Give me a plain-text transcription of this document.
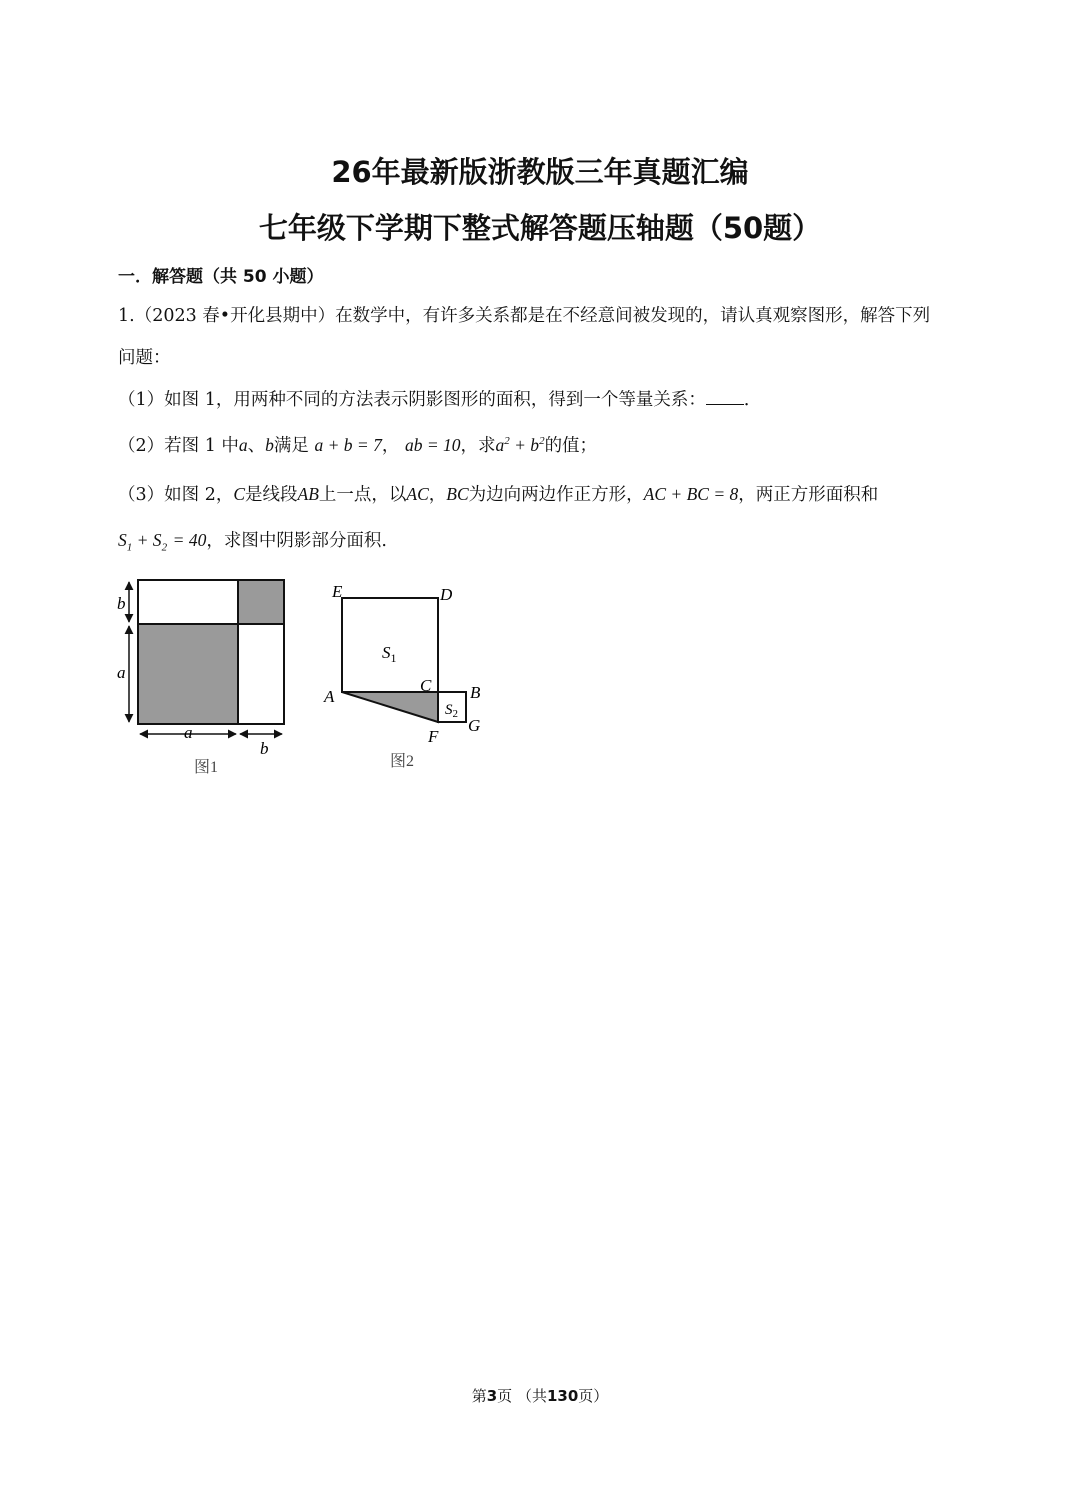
26年最新版浙教版三年真题汇编
七年级下学期下整式解答题压轴题（50题）
一．解答题（共 50 小题）
1.（2023 春•开化县期中）在数学中，有许多关系都是在不经意间被发现的，请认真观察图形，解答下列
问题：
（1）如图 1，用两种不同的方法表示阴影图形的面积，得到一个等量关系： ．
（2）若图 1 中a、b满足 a + b = 7， ab = 10，求$a^2 + b^2$的值；
（3）如图 2，C是线段AB上一点，以AC，BC为边向两边作正方形，AC + BC = 8，两正方形面积和
$S_1 + S_2 = 40$，求图中阴影部分面积.
b
a
a
b
图1
E	D
A
C B
G
F
$S_1$
$S_2$
图2
第3页 （共130页）
